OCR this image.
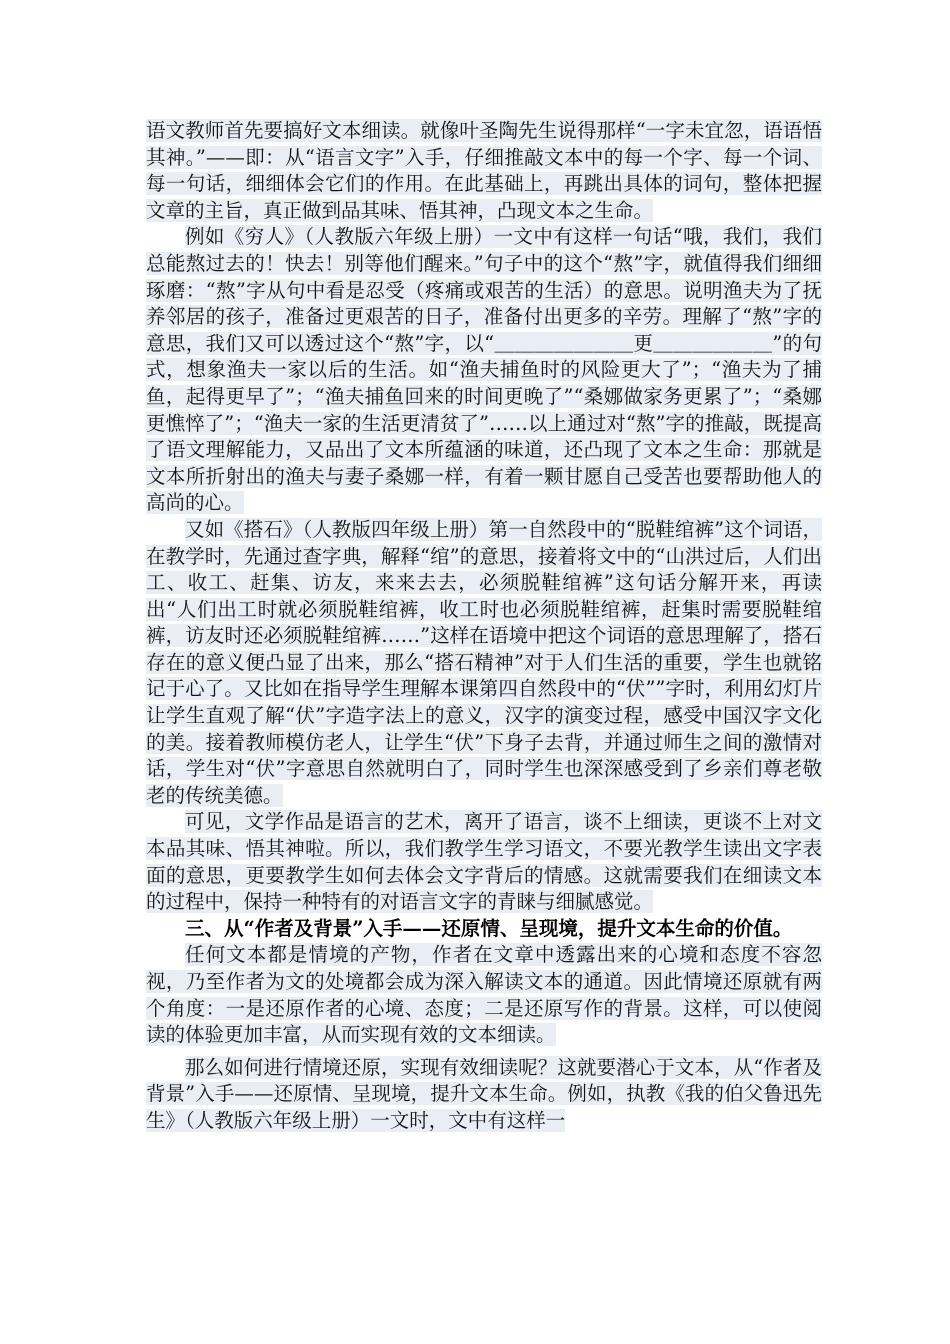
语文教师首先要搞好文本细读。就像叶圣陶先生说得那样“一字未宜忽，语语悟其神。”——即：从“语言文字”入手，仔细推敲文本中的每一个字、每一个词、每一句话，细细体会它们的作用。在此基础上，再跳出具体的词句，整体把握文章的主旨，真正做到品其味、悟其神，凸现文本之生命。

例如《穷人》（人教版六年级上册）一文中有这样一句话“哦，我们，我们总能熬过去的！快去！别等他们醒来。”句子中的这个“熬”字，就值得我们细细琢磨：“熬”字从句中看是忍受（疼痛或艰苦的生活）的意思。说明渔夫为了抚养邻居的孩子，准备过更艰苦的日子，准备付出更多的辛劳。理解了“熬”字的意思，我们又可以透过这个“熬”字，以“＿＿＿＿＿＿＿更＿＿＿＿＿＿”的句式，想象渔夫一家以后的生活。如“渔夫捕鱼时的风险更大了”；“渔夫为了捕鱼，起得更早了”；“渔夫捕鱼回来的时间更晚了”“桑娜做家务更累了”；“桑娜更憔悴了”；“渔夫一家的生活更清贫了”……以上通过对“熬”字的推敲，既提高了语文理解能力，又品出了文本所蕴涵的味道，还凸现了文本之生命：那就是文本所折射出的渔夫与妻子桑娜一样，有着一颗甘愿自己受苦也要帮助他人的高尚的心。

又如《搭石》（人教版四年级上册）第一自然段中的“脱鞋绾裤”这个词语，在教学时，先通过查字典，解释“绾”的意思，接着将文中的“山洪过后，人们出工、收工、赶集、访友，来来去去，必须脱鞋绾裤”这句话分解开来，再读出“人们出工时就必须脱鞋绾裤，收工时也必须脱鞋绾裤，赶集时需要脱鞋绾裤，访友时还必须脱鞋绾裤……”这样在语境中把这个词语的意思理解了，搭石存在的意义便凸显了出来，那么“搭石精神”对于人们生活的重要，学生也就铭记于心了。又比如在指导学生理解本课第四自然段中的“伏””字时，利用幻灯片让学生直观了解“伏”字造字法上的意义，汉字的演变过程，感受中国汉字文化的美。接着教师模仿老人，让学生“伏”下身子去背，并通过师生之间的激情对话，学生对“伏”字意思自然就明白了，同时学生也深深感受到了乡亲们尊老敬老的传统美德。

可见，文学作品是语言的艺术，离开了语言，谈不上细读，更谈不上对文本品其味、悟其神啦。所以，我们教学生学习语文，不要光教学生读出文字表面的意思，更要教学生如何去体会文字背后的情感。这就需要我们在细读文本的过程中，保持一种特有的对语言文字的青睐与细腻感觉。

三、从“作者及背景”入手——还原情、呈现境，提升文本生命的价值。

任何文本都是情境的产物，作者在文章中透露出来的心境和态度不容忽视，乃至作者为文的处境都会成为深入解读文本的通道。因此情境还原就有两个角度：一是还原作者的心境、态度；二是还原写作的背景。这样，可以使阅读的体验更加丰富，从而实现有效的文本细读。

那么如何进行情境还原，实现有效细读呢？这就要潜心于文本，从“作者及背景”入手——还原情、呈现境，提升文本生命。例如，执教《我的伯父鲁迅先生》（人教版六年级上册）一文时，文中有这样一
